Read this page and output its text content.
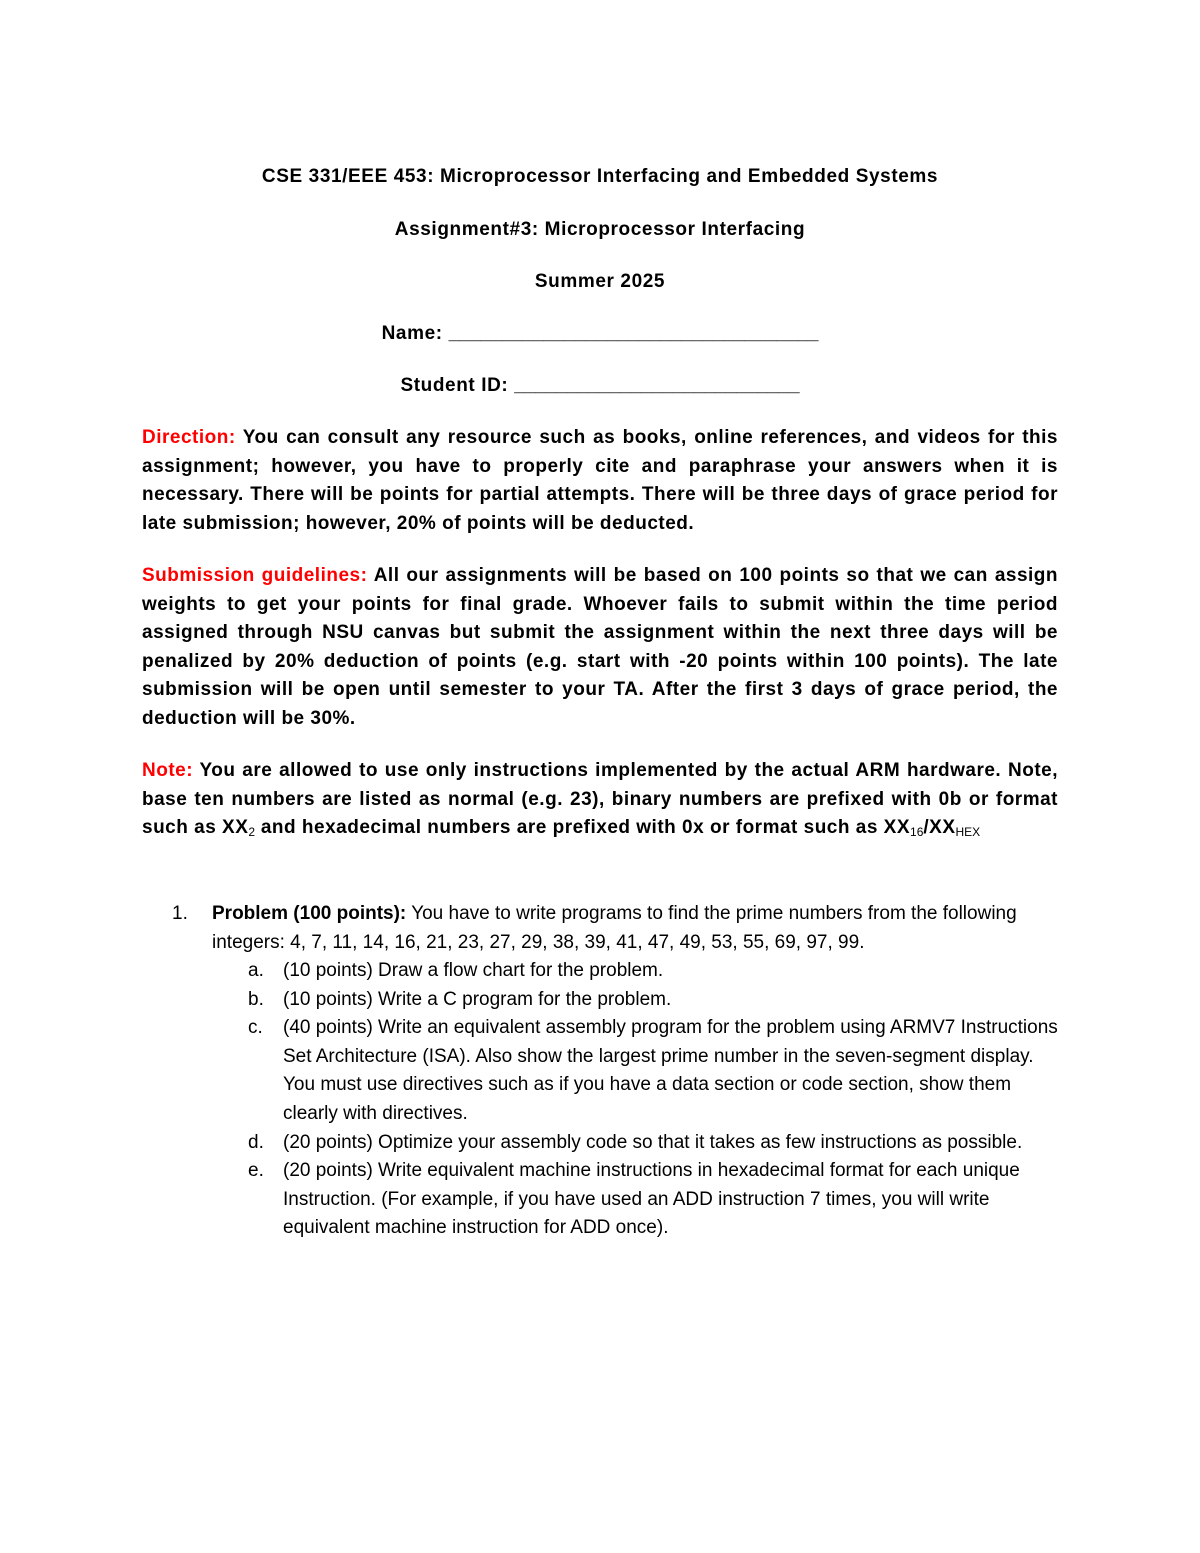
CSE 331/EEE 453: Microprocessor Interfacing and Embedded Systems
Assignment#3: Microprocessor Interfacing
Summer 2025
Name: ___________________________________
Student ID: ___________________________
Direction: You can consult any resource such as books, online references, and videos for this assignment; however, you have to properly cite and paraphrase your answers when it is necessary. There will be points for partial attempts. There will be three days of grace period for late submission; however, 20% of points will be deducted.
Submission guidelines: All our assignments will be based on 100 points so that we can assign weights to get your points for final grade. Whoever fails to submit within the time period assigned through NSU canvas but submit the assignment within the next three days will be penalized by 20% deduction of points (e.g. start with -20 points within 100 points). The late submission will be open until semester to your TA. After the first 3 days of grace period, the deduction will be 30%.
Note: You are allowed to use only instructions implemented by the actual ARM hardware. Note, base ten numbers are listed as normal (e.g. 23), binary numbers are prefixed with 0b or format such as $XX_2$ and hexadecimal numbers are prefixed with 0x or format such as $XX_{16}/XX_{HEX}$
1. Problem (100 points): You have to write programs to find the prime numbers from the following integers: 4, 7, 11, 14, 16, 21, 23, 27, 29, 38, 39, 41, 47, 49, 53, 55, 69, 97, 99.
a. (10 points) Draw a flow chart for the problem.
b. (10 points) Write a C program for the problem.
c. (40 points) Write an equivalent assembly program for the problem using ARMV7 Instructions Set Architecture (ISA). Also show the largest prime number in the seven-segment display. You must use directives such as if you have a data section or code section, show them clearly with directives.
d. (20 points) Optimize your assembly code so that it takes as few instructions as possible.
e. (20 points) Write equivalent machine instructions in hexadecimal format for each unique Instruction. (For example, if you have used an ADD instruction 7 times, you will write equivalent machine instruction for ADD once).
